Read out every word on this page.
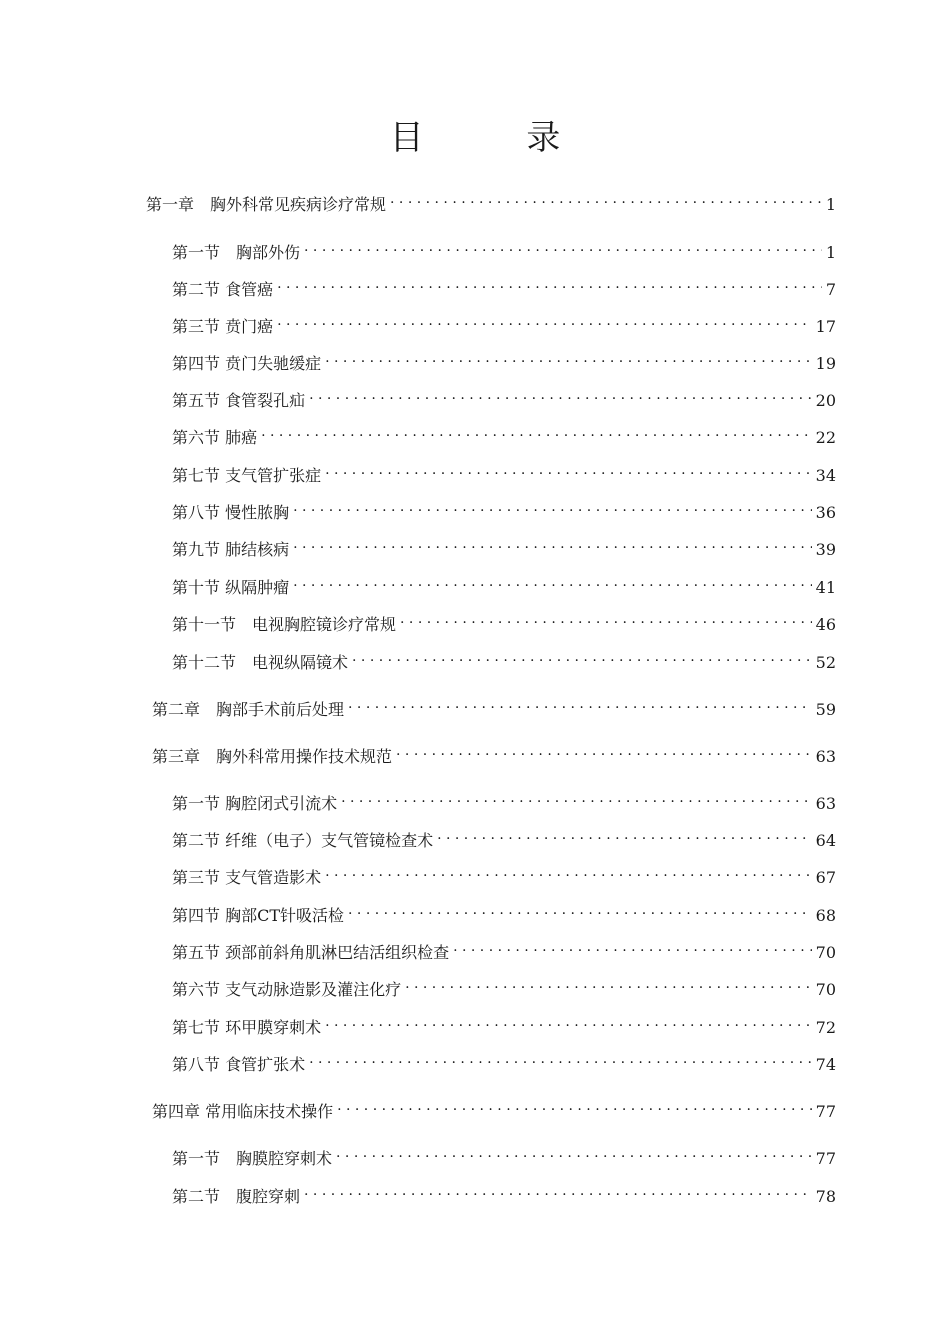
目 录
第一章　胸外科常见疾病诊疗常规 . . .	1
第一节　胸部外伤 . . .	1
第二节 食管癌 . . .	7
第三节 贲门癌 . . .	17
第四节 贲门失驰缓症 . . .	19
第五节 食管裂孔疝 . . .	20
第六节 肺癌 . . .	22
第七节 支气管扩张症 . . .	34
第八节 慢性脓胸 . . .	36
第九节 肺结核病 . . .	39
第十节 纵隔肿瘤 . . .	41
第十一节　电视胸腔镜诊疗常规 . . .	46
第十二节　电视纵隔镜术 . . .	52
第二章　胸部手术前后处理 . . .	59
第三章　胸外科常用操作技术规范 . . .	63
第一节 胸腔闭式引流术 . . .	63
第二节 纤维（电子）支气管镜检查术 . . .	64
第三节 支气管造影术 . . .	67
第四节 胸部CT针吸活检 . . .	68
第五节 颈部前斜角肌淋巴结活组织检查 . . .	70
第六节 支气动脉造影及灌注化疗 . . .	70
第七节 环甲膜穿刺术 . . .	72
第八节 食管扩张术 . . .	74
第四章 常用临床技术操作 . . .	77
第一节　胸膜腔穿刺术 . . .	77
第二节　腹腔穿刺 . . .	78
